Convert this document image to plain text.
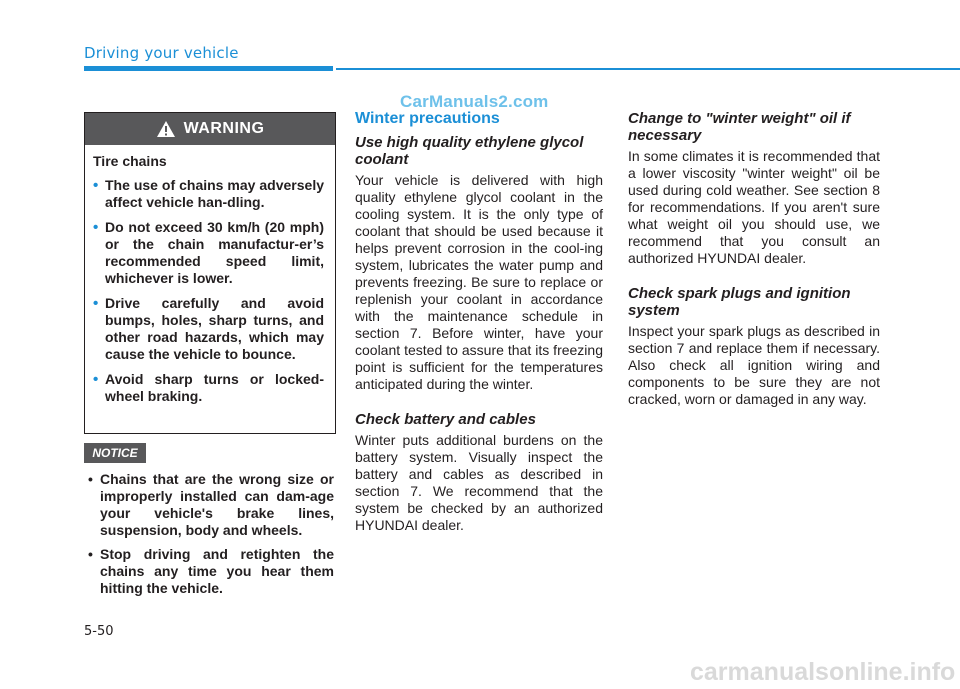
Driving your vehicle
CarManuals2.com
WARNING
Tire chains
• The use of chains may adversely affect vehicle han-dling.
• Do not exceed 30 km/h (20 mph) or the chain manufactur-er’s recommended speed limit, whichever is lower.
• Drive carefully and avoid bumps, holes, sharp turns, and other road hazards, which may cause the vehicle to bounce.
• Avoid sharp turns or locked-wheel braking.
NOTICE
• Chains that are the wrong size or improperly installed can dam-age your vehicle's brake lines, suspension, body and wheels.
• Stop driving and retighten the chains any time you hear them hitting the vehicle.
Winter precautions
Use high quality ethylene glycol coolant
Your vehicle is delivered with high quality ethylene glycol coolant in the cooling system. It is the only type of coolant that should be used because it helps prevent corrosion in the cool-ing system, lubricates the water pump and prevents freezing. Be sure to replace or replenish your coolant in accordance with the maintenance schedule in section 7. Before winter, have your coolant tested to assure that its freezing point is sufficient for the temperatures anticipated during the winter.
Check battery and cables
Winter puts additional burdens on the battery system. Visually inspect the battery and cables as described in section 7. We recommend that the system be checked by an authorized HYUNDAI dealer.
Change to "winter weight" oil if necessary
In some climates it is recommended that a lower viscosity "winter weight" oil be used during cold weather. See section 8 for recommendations. If you aren't sure what weight oil you should use, we recommend that you consult an authorized HYUNDAI dealer.
Check spark plugs and ignition system
Inspect your spark plugs as described in section 7 and replace them if necessary. Also check all ignition wiring and components to be sure they are not cracked, worn or damaged in any way.
5-50
carmanualsonline.info
